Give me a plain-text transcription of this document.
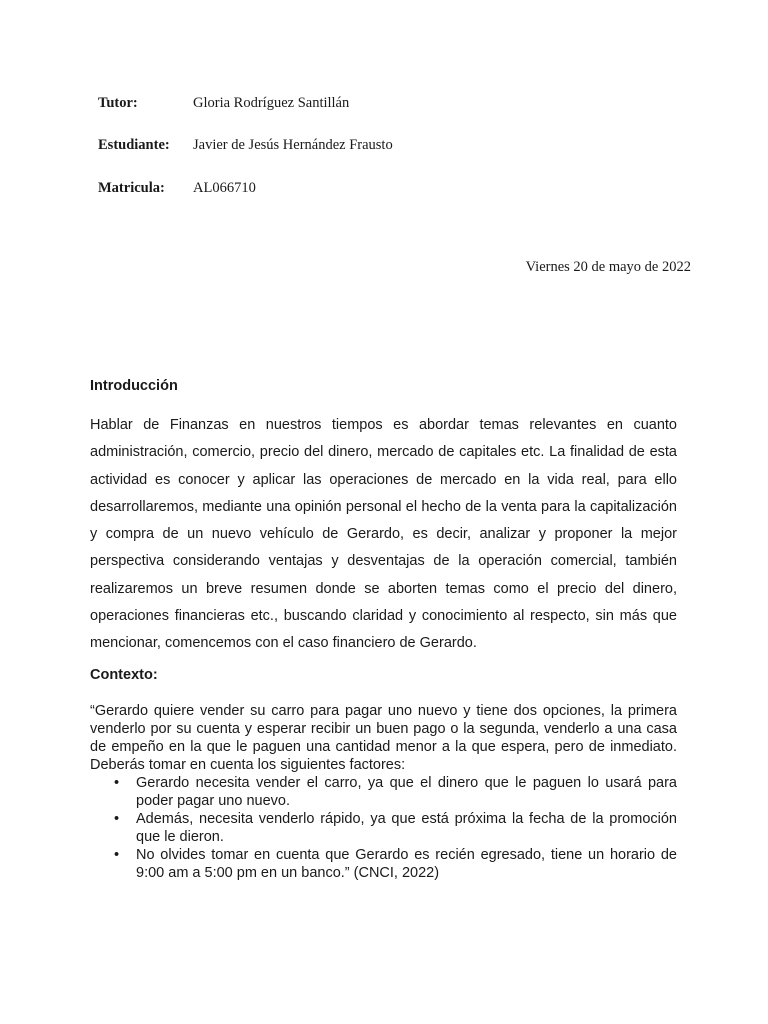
Tutor:	Gloria Rodríguez Santillán
Estudiante:	Javier de Jesús Hernández Frausto
Matricula:	AL066710
Viernes 20 de mayo de 2022
Introducción

Hablar de Finanzas en nuestros tiempos es abordar temas relevantes en cuanto administración, comercio, precio del dinero, mercado de capitales etc. La finalidad de esta actividad es conocer y aplicar las operaciones de mercado en la vida real, para ello desarrollaremos, mediante una opinión personal el hecho de la venta para la capitalización y compra de un nuevo vehículo de Gerardo, es decir, analizar y proponer la mejor perspectiva considerando ventajas y desventajas de la operación comercial, también realizaremos un breve resumen donde se aborten temas como el precio del dinero, operaciones financieras etc., buscando claridad y conocimiento al respecto, sin más que mencionar, comencemos con el caso financiero de Gerardo.

Contexto:

“Gerardo quiere vender su carro para pagar uno nuevo y tiene dos opciones, la primera venderlo por su cuenta y esperar recibir un buen pago o la segunda, venderlo a una casa de empeño en la que le paguen una cantidad menor a la que espera, pero de inmediato. Deberás tomar en cuenta los siguientes factores:

• Gerardo necesita vender el carro, ya que el dinero que le paguen lo usará para poder pagar uno nuevo.
• Además, necesita venderlo rápido, ya que está próxima la fecha de la promoción que le dieron.
• No olvides tomar en cuenta que Gerardo es recién egresado, tiene un horario de 9:00 am a 5:00 pm en un banco.” (CNCI, 2022)
